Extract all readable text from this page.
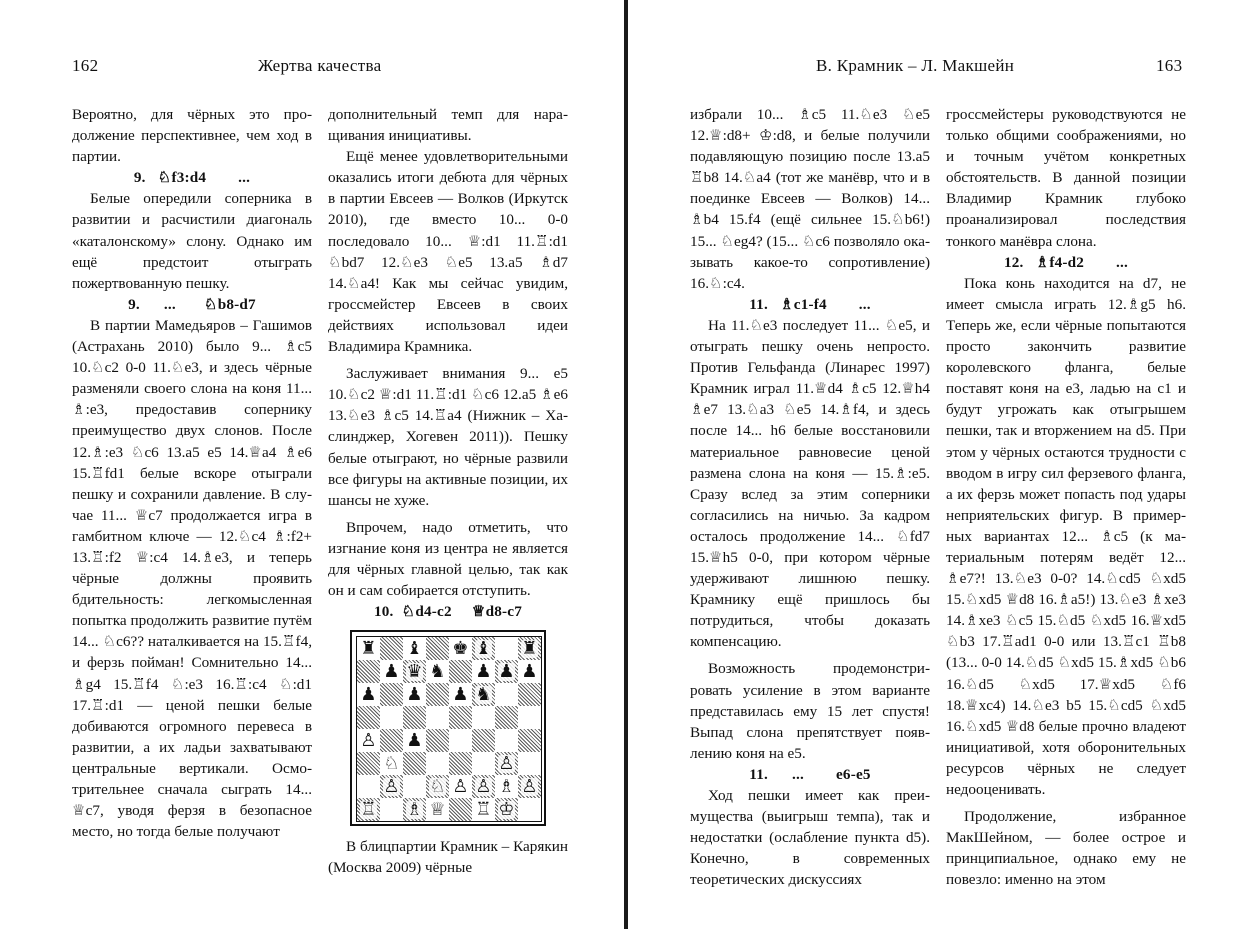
162	Жертва качества

Вероятно, для чёрных это продолжение перспективнее, чем ход в партии.

9.   ♘f3:d4        ...

Белые опередили соперника в развитии и расчистили диагональ «каталонскому» слону. Однако им ещё предстоит отыграть пожертвованную пешку.

9.      ...       ♘b8-d7

В партии Мамедьяров – Гашимов (Астрахань 2010) было 9... ♗c5 10.♘c2 0-0 11.♘e3, и здесь чёрные разменяли своего слона на коня 11... ♗:e3, предоставив сопернику преимущество двух слонов. После 12.♗:e3 ♘c6 13.a5 e5 14.♕a4 ♗e6 15.♖fd1 белые вскоре отыграли пешку и сохранили давление. В случае 11... ♕c7 продолжается игра в гамбитном ключе — 12.♘c4 ♗:f2+ 13.♖:f2 ♕:c4 14.♗e3, и теперь чёрные должны проявить бдительность: легкомысленная попытка продолжить развитие путём 14... ♘c6?? наталкивается на 15.♖f4, и ферзь пойман! Сомнительно 14... ♗g4 15.♖f4 ♘:e3 16.♖:c4 ♘:d1 17.♖:d1 — ценой пешки белые добиваются огромного перевеса в развитии, а их ладьи захватывают центральные вертикали. Осмотрительнее сначала сыграть 14... ♕c7, уводя ферзя в безопасное место, но тогда белые получают

дополнительный темп для наращивания инициативы.

Ещё менее удовлетворительными оказались итоги дебюта для чёрных в партии Евсеев — Волков (Иркутск 2010), где вместо 10... 0-0 последовало 10... ♕:d1 11.♖:d1 ♘bd7 12.♘e3 ♘e5 13.a5 ♗d7 14.♘a4! Как мы сейчас увидим, гроссмейстер Евсеев в своих действиях использовал идеи Владимира Крамника.

Заслуживает внимания 9... e5 10.♘c2 ♕:d1 11.♖:d1 ♘c6 12.a5 ♗e6 13.♘e3 ♗c5 14.♖a4 (Нижник – Хаслинджер, Хогевен 2011)). Пешку белые отыграют, но чёрные развили все фигуры на активные позиции, их шансы не хуже.

Впрочем, надо отметить, что изгнание коня из центра не является для чёрных главной целью, так как он и сам собирается отступить.

10.  ♘d4-c2     ♕d8-c7

♜ ♝ ♚ ♝ ♜
♟ ♛ ♞ ♟ ♟ ♟
♟ ♟ ♟ ♞
♙ ♟
♘	♙
♙ ♘ ♙ ♙ ♗ ♙
♖ ♗ ♕ ♖ ♔

В блицпартии Крамник – Карякин (Москва 2009) чёрные

В. Крамник – Л. Макшейн	163

избрали 10... ♗c5 11.♘e3 ♘e5 12.♕:d8+ ♔:d8, и белые получили подавляющую позицию после 13.a5 ♖b8 14.♘a4 (тот же манёвр, что и в поединке Евсеев — Волков) 14... ♗b4 15.f4 (ещё сильнее 15.♘b6!) 15... ♘eg4? (15... ♘c6 позволяло оказывать какое-то сопротивление) 16.♘:c4.

11.   ♗c1-f4        ...

На 11.♘e3 последует 11... ♘e5, и отыграть пешку очень непросто. Против Гельфанда (Линарес 1997) Крамник играл 11.♕d4 ♗c5 12.♕h4 ♗e7 13.♘a3 ♘e5 14.♗f4, и здесь после 14... h6 белые восстановили материальное равновесие ценой размена слона на коня — 15.♗:e5. Сразу вслед за этим соперники согласились на ничью. За кадром осталось продолжение 14... ♘fd7 15.♕h5 0-0, при котором чёрные удерживают лишнюю пешку. Крамнику ещё пришлось бы потрудиться, чтобы доказать компенсацию.

Возможность продемонстрировать усиление в этом варианте представилась ему 15 лет спустя! Выпад слона препятствует появлению коня на e5.

11.      ...        e6-e5

Ход пешки имеет как преимущества (выигрыш темпа), так и недостатки (ослабление пункта d5). Конечно, в современных теоретических дискуссиях

гроссмейстеры руководствуются не только общими соображениями, но и точным учётом конкретных обстоятельств. В данной позиции Владимир Крамник глубоко проанализировал последствия тонкого манёвра слона.

12.   ♗f4-d2        ...

Пока конь находится на d7, не имеет смысла играть 12.♗g5 h6. Теперь же, если чёрные попытаются просто закончить развитие королевского фланга, белые поставят коня на e3, ладью на c1 и будут угрожать как отыгрышем пешки, так и вторжением на d5. При этом у чёрных остаются трудности с вводом в игру сил ферзевого фланга, а их ферзь может попасть под удары неприятельских фигур. В примерных вариантах 12... ♗c5 (к материальным потерям ведёт 12... ♗e7?! 13.♘e3 0-0? 14.♘cd5 ♘xd5 15.♘xd5 ♕d8 16.♗a5!) 13.♘e3 ♗xe3 14.♗xe3 ♘c5 15.♘d5 ♘xd5 16.♕xd5 ♘b3 17.♖ad1 0-0 или 13.♖c1 ♖b8 (13... 0-0 14.♘d5 ♘xd5 15.♗xd5 ♘b6 16.♘d5 ♘xd5 17.♕xd5 ♘f6 18.♕xc4) 14.♘e3 b5 15.♘cd5 ♘xd5 16.♘xd5 ♕d8 белые прочно владеют инициативой, хотя оборонительных ресурсов чёрных не следует недооценивать.

Продолжение, избранное МакШейном, — более острое и принципиальное, однако ему не повезло: именно на этом
